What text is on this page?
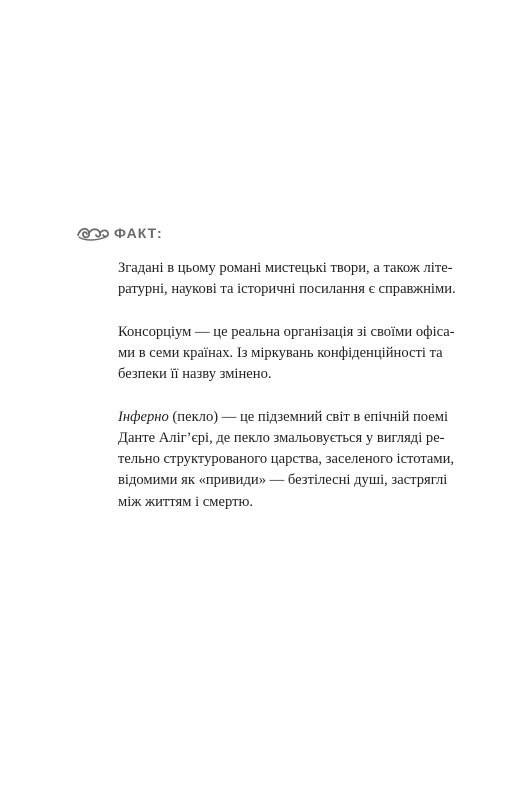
ФАКТ:

Згадані в цьому романі мистецькі твори, а також літе-
ратурні, наукові та історичні посилання є справжніми.

Консорціум — це реальна організація зі своїми офіса-
ми в семи країнах. Із міркувань конфіденційності та
безпеки її назву змінено.

Інферно (пекло) — це підземний світ в епічній поемі
Данте Аліг’єрі, де пекло змальовується у вигляді ре-
тельно структурованого царства, заселеного істотами,
відомими як «привиди» — безтілесні душі, застряглі
між життям і смертю.
